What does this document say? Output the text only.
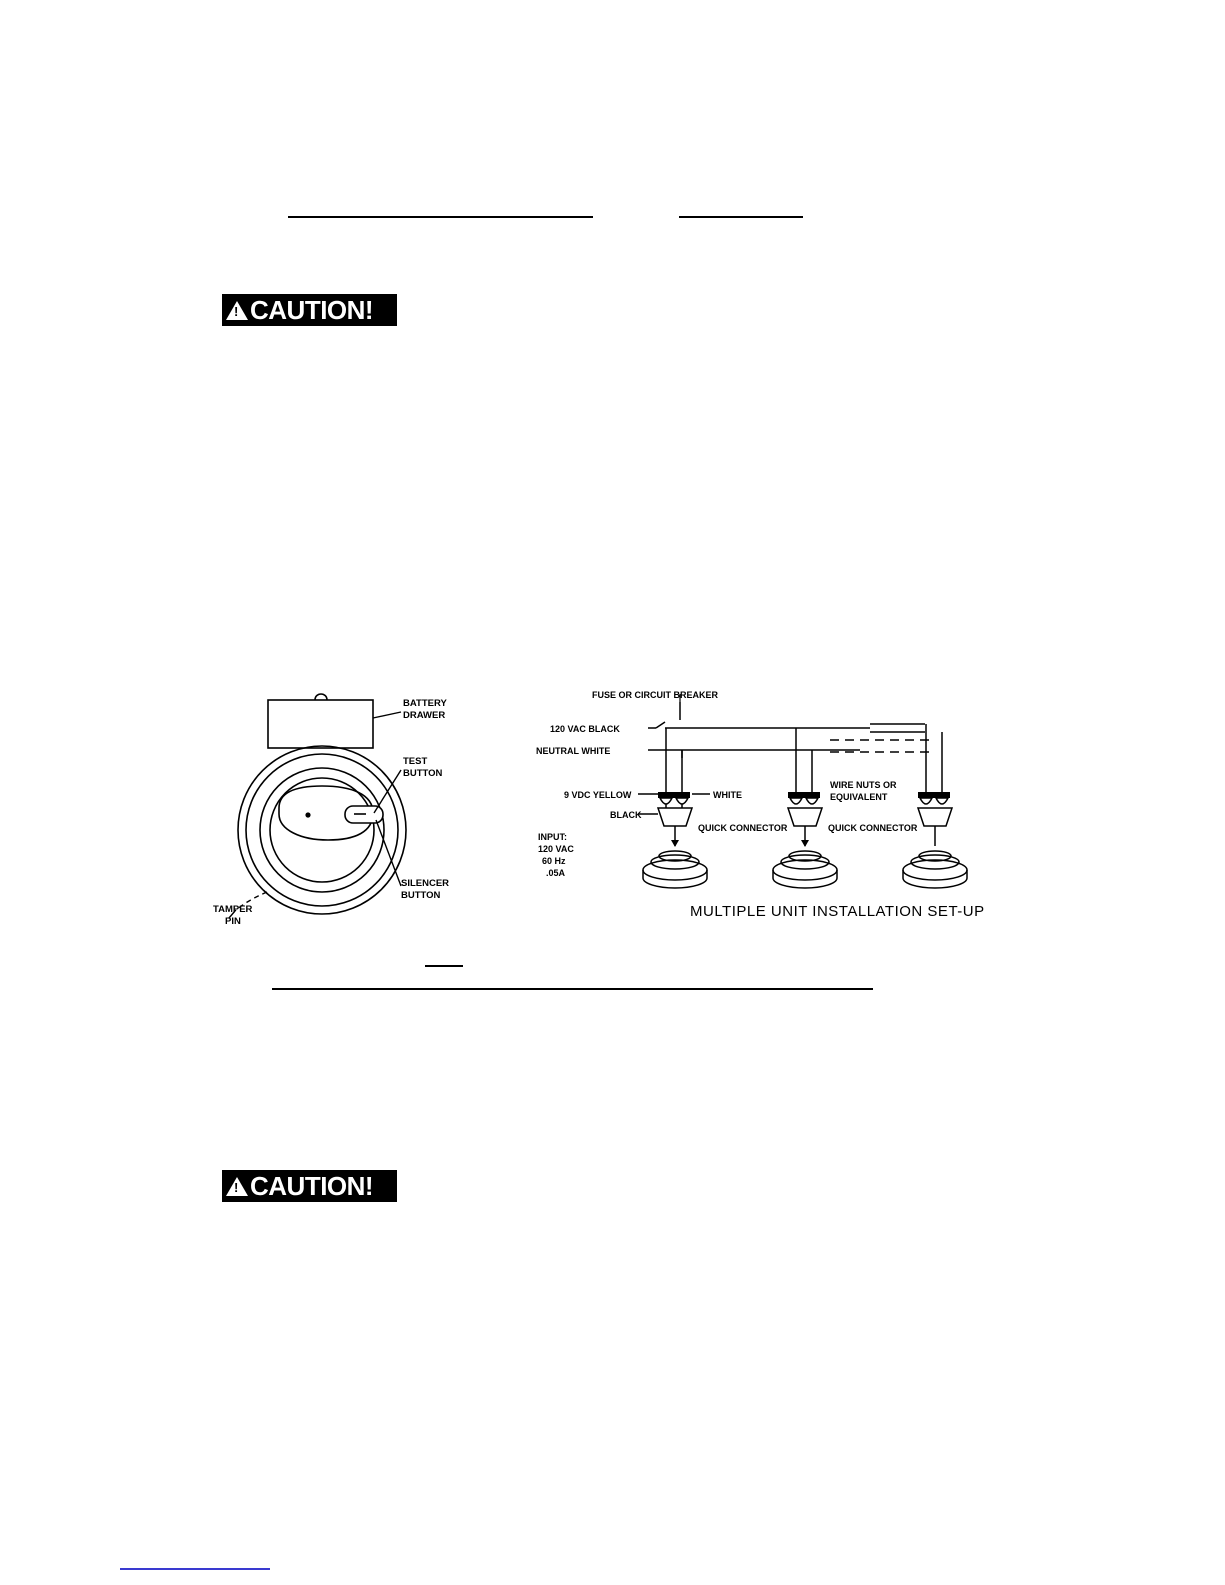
!
CAUTION!
BATTERY
DRAWER
TEST
BUTTON
SILENCER
BUTTON
TAMPER
PIN
FUSE OR CIRCUIT BREAKER
120 VAC BLACK
NEUTRAL WHITE
9 VDC YELLOW	WHITE
BLACK
QUICK CONNECTOR	QUICK CONNECTOR
WIRE NUTS OR
EQUIVALENT
INPUT:
120 VAC
60 Hz
.05A
MULTIPLE UNIT INSTALLATION SET-UP
!
CAUTION!
